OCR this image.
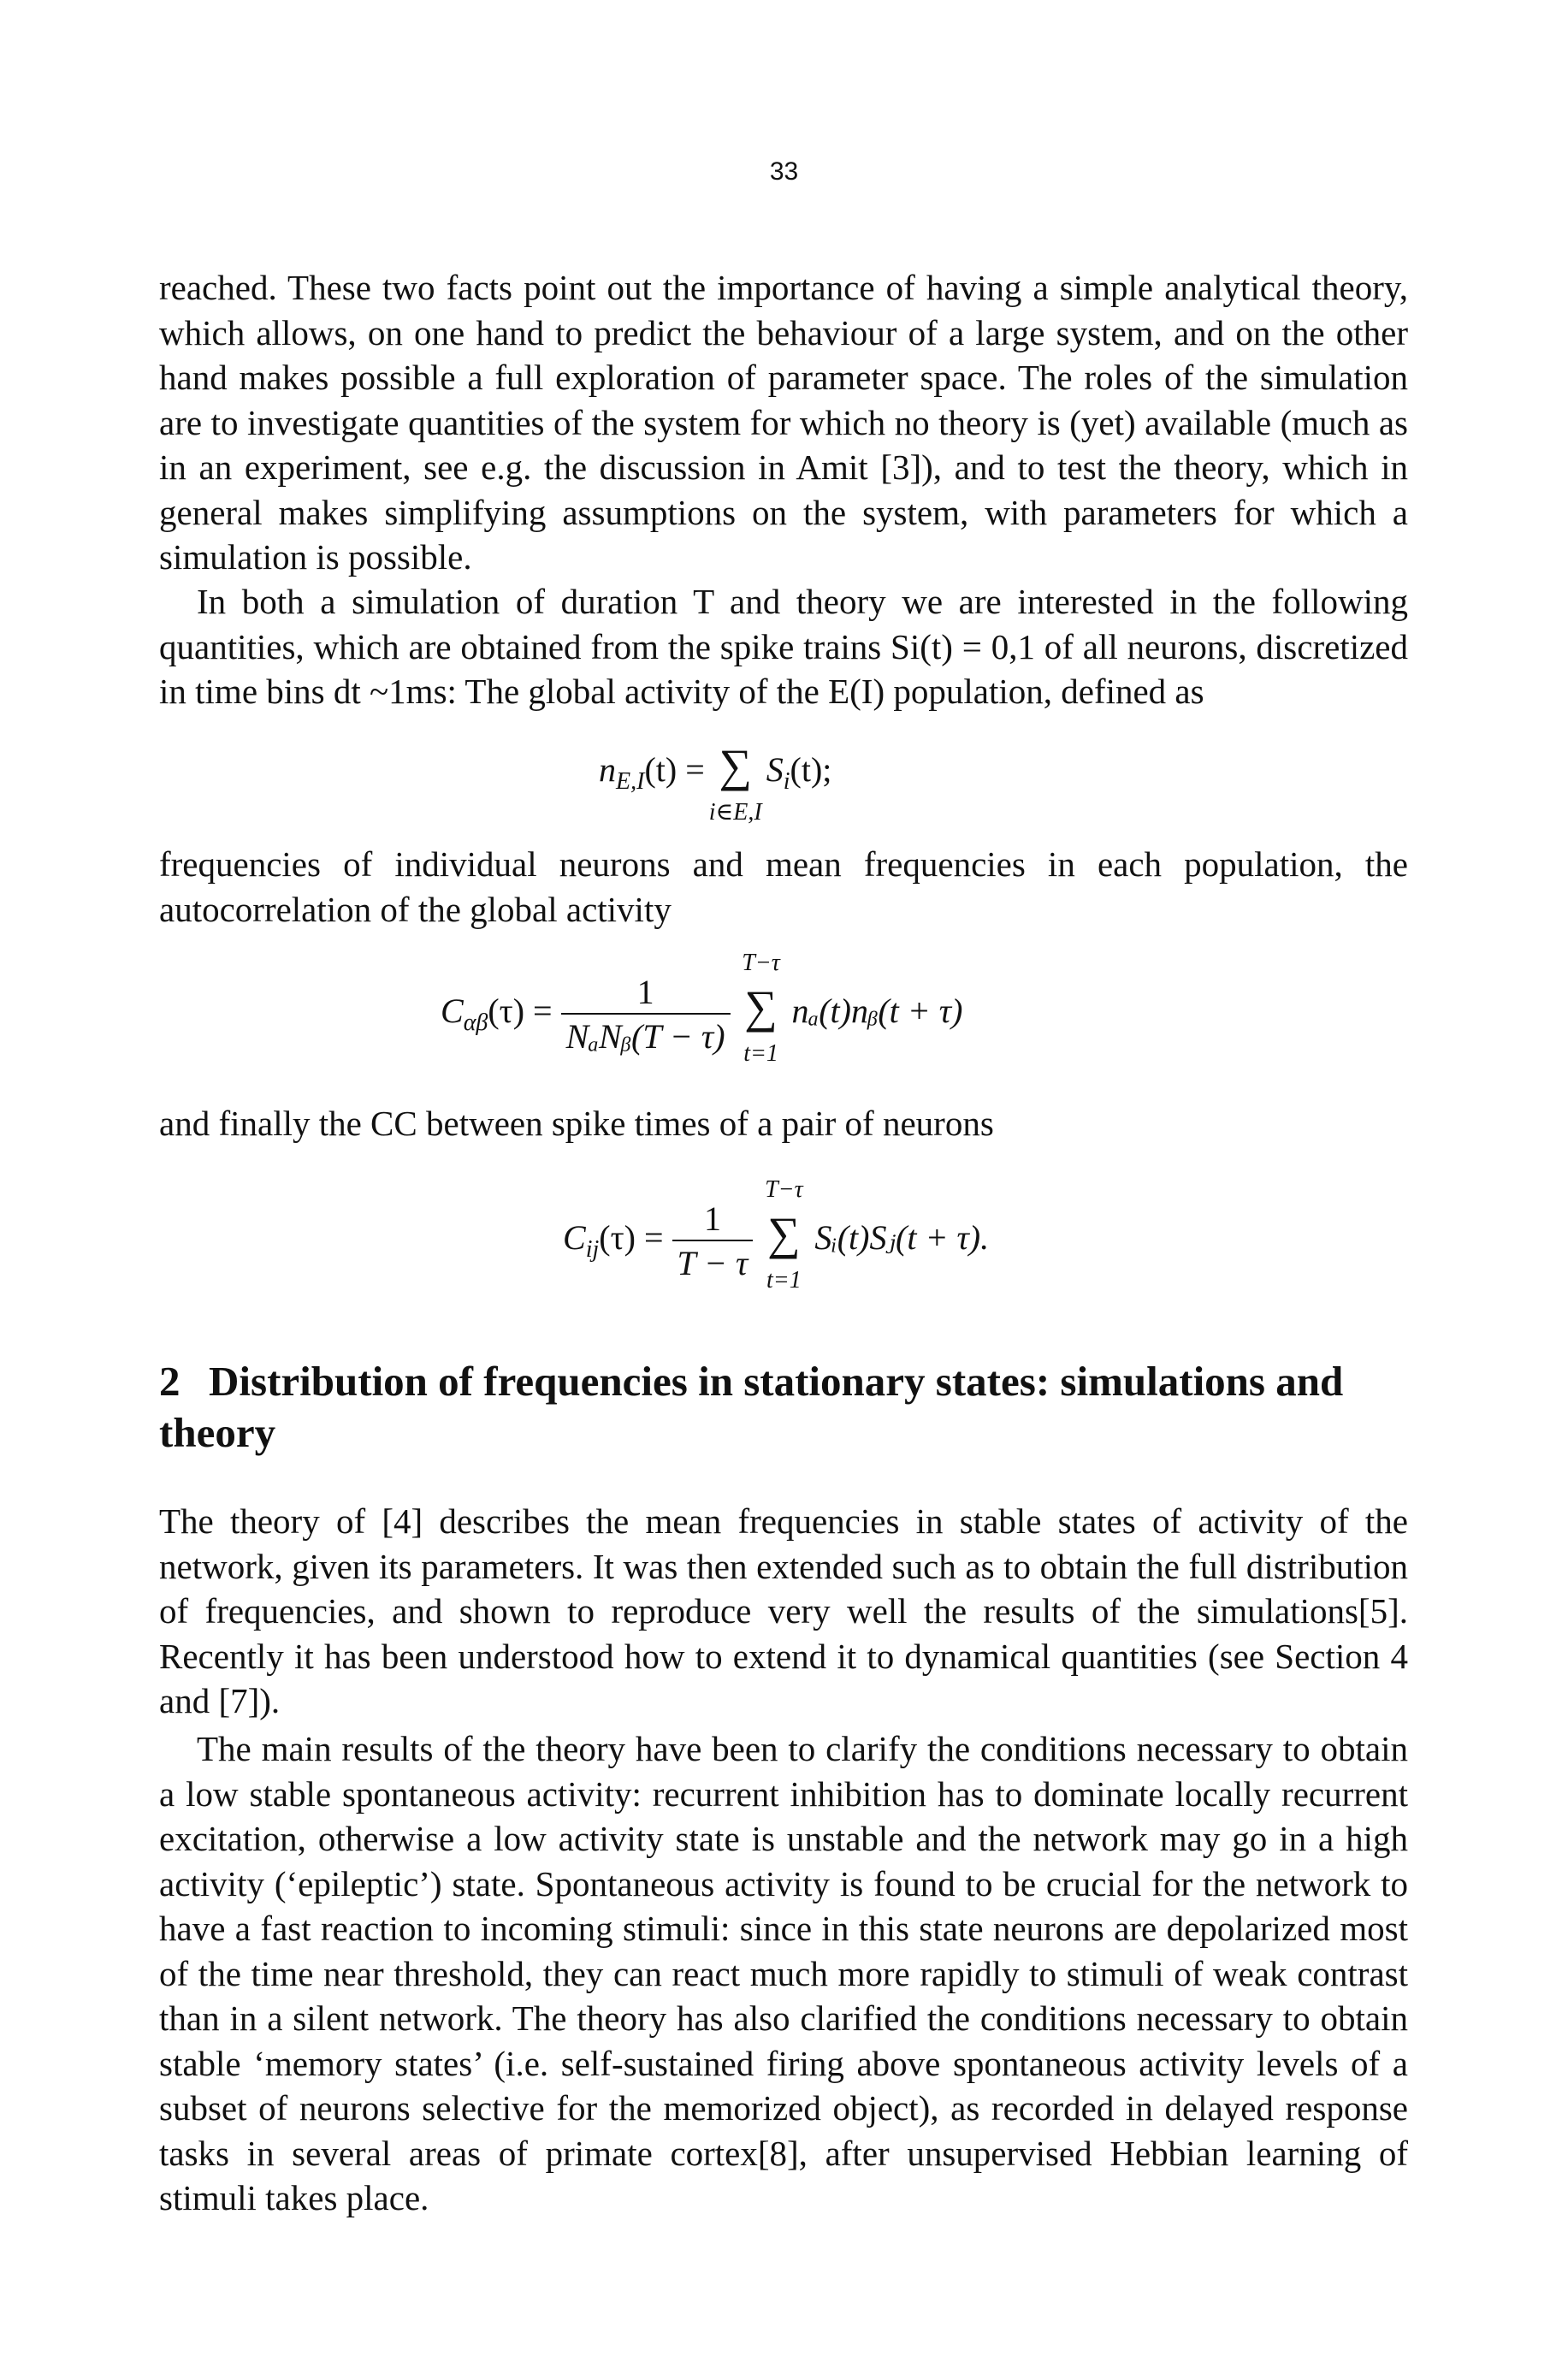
33

reached. These two facts point out the importance of having a simple analytical theory, which allows, on one hand to predict the behaviour of a large system, and on the other hand makes possible a full exploration of parameter space. The roles of the simulation are to investigate quantities of the system for which no theory is (yet) available (much as in an experiment, see e.g. the discussion in Amit [3]), and to test the theory, which in general makes simplifying assumptions on the system, with parameters for which a simulation is possible.

In both a simulation of duration T and theory we are interested in the following quantities, which are obtained from the spike trains Si(t) = 0,1 of all neurons, discretized in time bins dt ~1ms: The global activity of the E(I) population, defined as

$n_{E,I}(t)$ = ∑
i∈E,I
$S_i(t)$;

frequencies of individual neurons and mean frequencies in each population, the autocorrelation of the global activity

$C_{\alpha\beta}(\tau) = \frac{1}{\text{NₐNᵦ(T − τ)}}$

T−τ
∑
t=1
nₐ(t)nᵦ(t + τ)

and finally the CC between spike times of a pair of neurons

$C_{ij}(\tau) = \frac{1}{T - \tau}$

T−τ
∑
t=1
Sᵢ(t)Sⱼ(t + τ).
2 Distribution of frequencies in stationary states: simulations and theory

The theory of [4] describes the mean frequencies in stable states of activity of the network, given its parameters. It was then extended such as to obtain the full distribution of frequencies, and shown to reproduce very well the results of the simulations[5]. Recently it has been understood how to extend it to dynamical quantities (see Section 4 and [7]).

The main results of the theory have been to clarify the conditions necessary to obtain a low stable spontaneous activity: recurrent inhibition has to dominate locally recurrent excitation, otherwise a low activity state is unstable and the network may go in a high activity (‘epileptic’) state. Spontaneous activity is found to be crucial for the network to have a fast reaction to incoming stimuli: since in this state neurons are depolarized most of the time near threshold, they can react much more rapidly to stimuli of weak contrast than in a silent network. The theory has also clarified the conditions necessary to obtain stable ‘memory states’ (i.e. self-sustained firing above spontaneous activity levels of a subset of neurons selective for the memorized object), as recorded in delayed response tasks in several areas of primate cortex[8], after unsupervised Hebbian learning of stimuli takes place.
